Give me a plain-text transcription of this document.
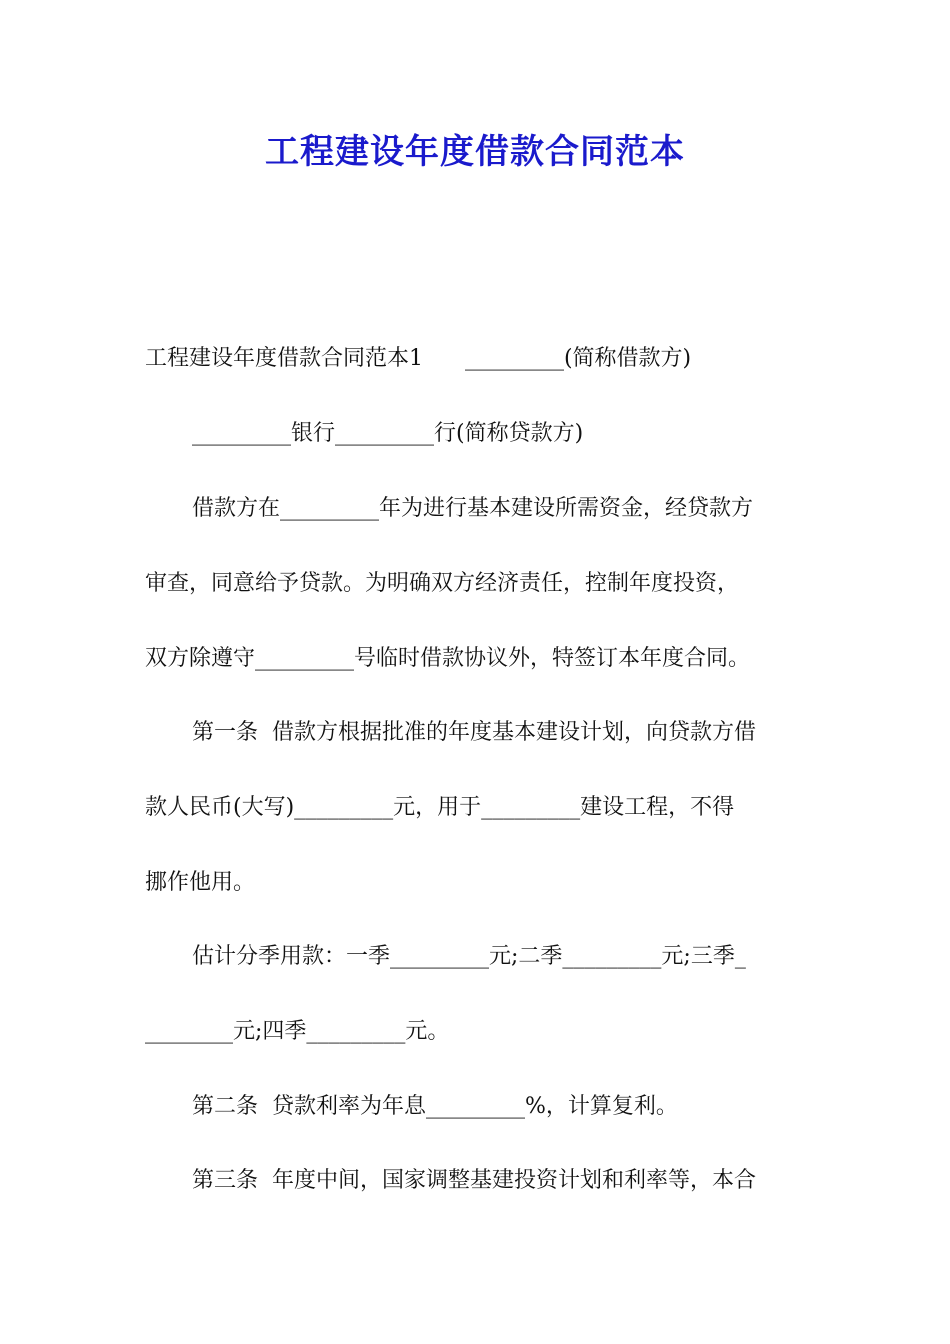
工程建设年度借款合同范本
工程建设年度借款合同范本1      _________(简称借款方)
_________银行_________行(简称贷款方)
借款方在_________年为进行基本建设所需资金，经贷款方
审查，同意给予贷款。为明确双方经济责任，控制年度投资，
双方除遵守_________号临时借款协议外，特签订本年度合同。
第一条  借款方根据批准的年度基本建设计划，向贷款方借
款人民币(大写)_________元，用于_________建设工程，不得
挪作他用。
估计分季用款：一季_________元;二季_________元;三季_
________元;四季_________元。
第二条  贷款利率为年息_________%，计算复利。
第三条  年度中间，国家调整基建投资计划和利率等，本合
